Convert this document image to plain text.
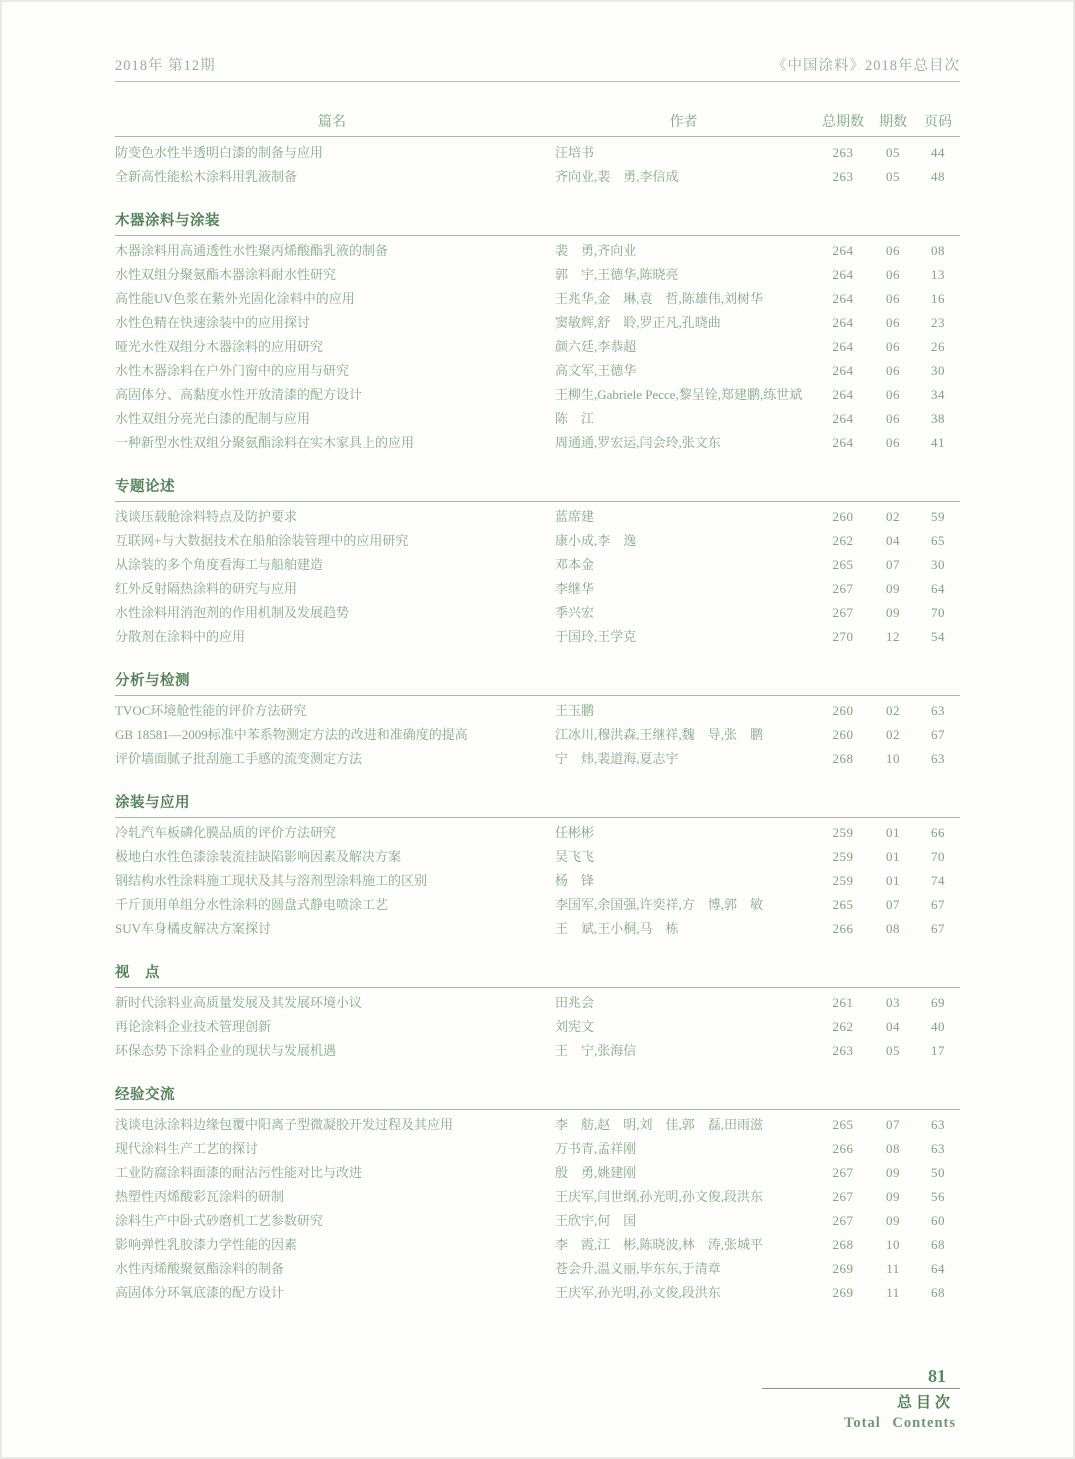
2018年 第12期	《中国涂料》2018年总目次
篇名	作者	总期数	期数	页码
防变色水性半透明白漆的制备与应用	汪培书	263	05	44
全新高性能松木涂料用乳液制备	齐向业,裴　勇,李信成	263	05	48
木器涂料与涂装
木器涂料用高通透性水性聚丙烯酸酯乳液的制备	裴　勇,齐向业	264	06	08
水性双组分聚氨酯木器涂料耐水性研究	郭　宇,王德华,陈晓亮	264	06	13
高性能UV色浆在紫外光固化涂料中的应用	王兆华,金　琳,袁　哲,陈雄伟,刘树华	264	06	16
水性色精在快速涂装中的应用探讨	窦敏辉,舒　聆,罗正凡,孔晓曲	264	06	23
哑光水性双组分木器涂料的应用研究	颜六廷,李恭超	264	06	26
水性木器涂料在户外门窗中的应用与研究	高文军,王德华	264	06	30
高固体分、高黏度水性开放清漆的配方设计	王柳生,Gabriele Pecce,黎呈铨,郑建鹏,练世斌	264	06	34
水性双组分亮光白漆的配制与应用	陈　江	264	06	38
一种新型水性双组分聚氨酯涂料在实木家具上的应用	周通通,罗宏运,闫会玲,张文东	264	06	41
专题论述
浅谈压载舱涂料特点及防护要求	蓝席建	260	02	59
互联网+与大数据技术在船舶涂装管理中的应用研究	康小成,李　逸	262	04	65
从涂装的多个角度看海工与船舶建造	邓本金	265	07	30
红外反射隔热涂料的研究与应用	李继华	267	09	64
水性涂料用消泡剂的作用机制及发展趋势	季兴宏	267	09	70
分散剂在涂料中的应用	于国玲,王学克	270	12	54
分析与检测
TVOC环境舱性能的评价方法研究	王玉鹏	260	02	63
GB 18581—2009标准中苯系物测定方法的改进和准确度的提高	江冰川,穆洪森,王继祥,魏　导,张　鹏	260	02	67
评价墙面腻子批刮施工手感的流变测定方法	宁　炜,裴道海,夏志宇	268	10	63
涂装与应用
冷轧汽车板磷化膜品质的评价方法研究	任彬彬	259	01	66
极地白水性色漆涂装流挂缺陷影响因素及解决方案	吴飞飞	259	01	70
钢结构水性涂料施工现状及其与溶剂型涂料施工的区别	杨　锋	259	01	74
千斤顶用单组分水性涂料的圆盘式静电喷涂工艺	李国军,余国强,许奕祥,方　博,郭　敏	265	07	67
SUV车身橘皮解决方案探讨	王　斌,王小桐,马　栋	266	08	67
视　点
新时代涂料业高质量发展及其发展环境小议	田兆会	261	03	69
再论涂料企业技术管理创新	刘宪文	262	04	40
环保态势下涂料企业的现状与发展机遇	王　宁,张海信	263	05	17
经验交流
浅谈电泳涂料边缘包覆中阳离子型微凝胶开发过程及其应用	李　舫,赵　明,刘　佳,郭　磊,田雨滋	265	07	63
现代涂料生产工艺的探讨	万书青,孟祥刚	266	08	63
工业防腐涂料面漆的耐沾污性能对比与改进	殷　勇,姚建刚	267	09	50
热塑性丙烯酸彩瓦涂料的研制	王庆军,闫世纲,孙光明,孙文俊,段洪东	267	09	56
涂料生产中卧式砂磨机工艺参数研究	王欣宇,何　国	267	09	60
影响弹性乳胶漆力学性能的因素	李　霞,江　彬,陈晓波,林　涛,张城平	268	10	68
水性丙烯酸聚氨酯涂料的制备	苍会升,温义丽,毕东东,于清章	269	11	64
高固体分环氧底漆的配方设计	王庆军,孙光明,孙文俊,段洪东	269	11	68
81
总目次
Total Contents
